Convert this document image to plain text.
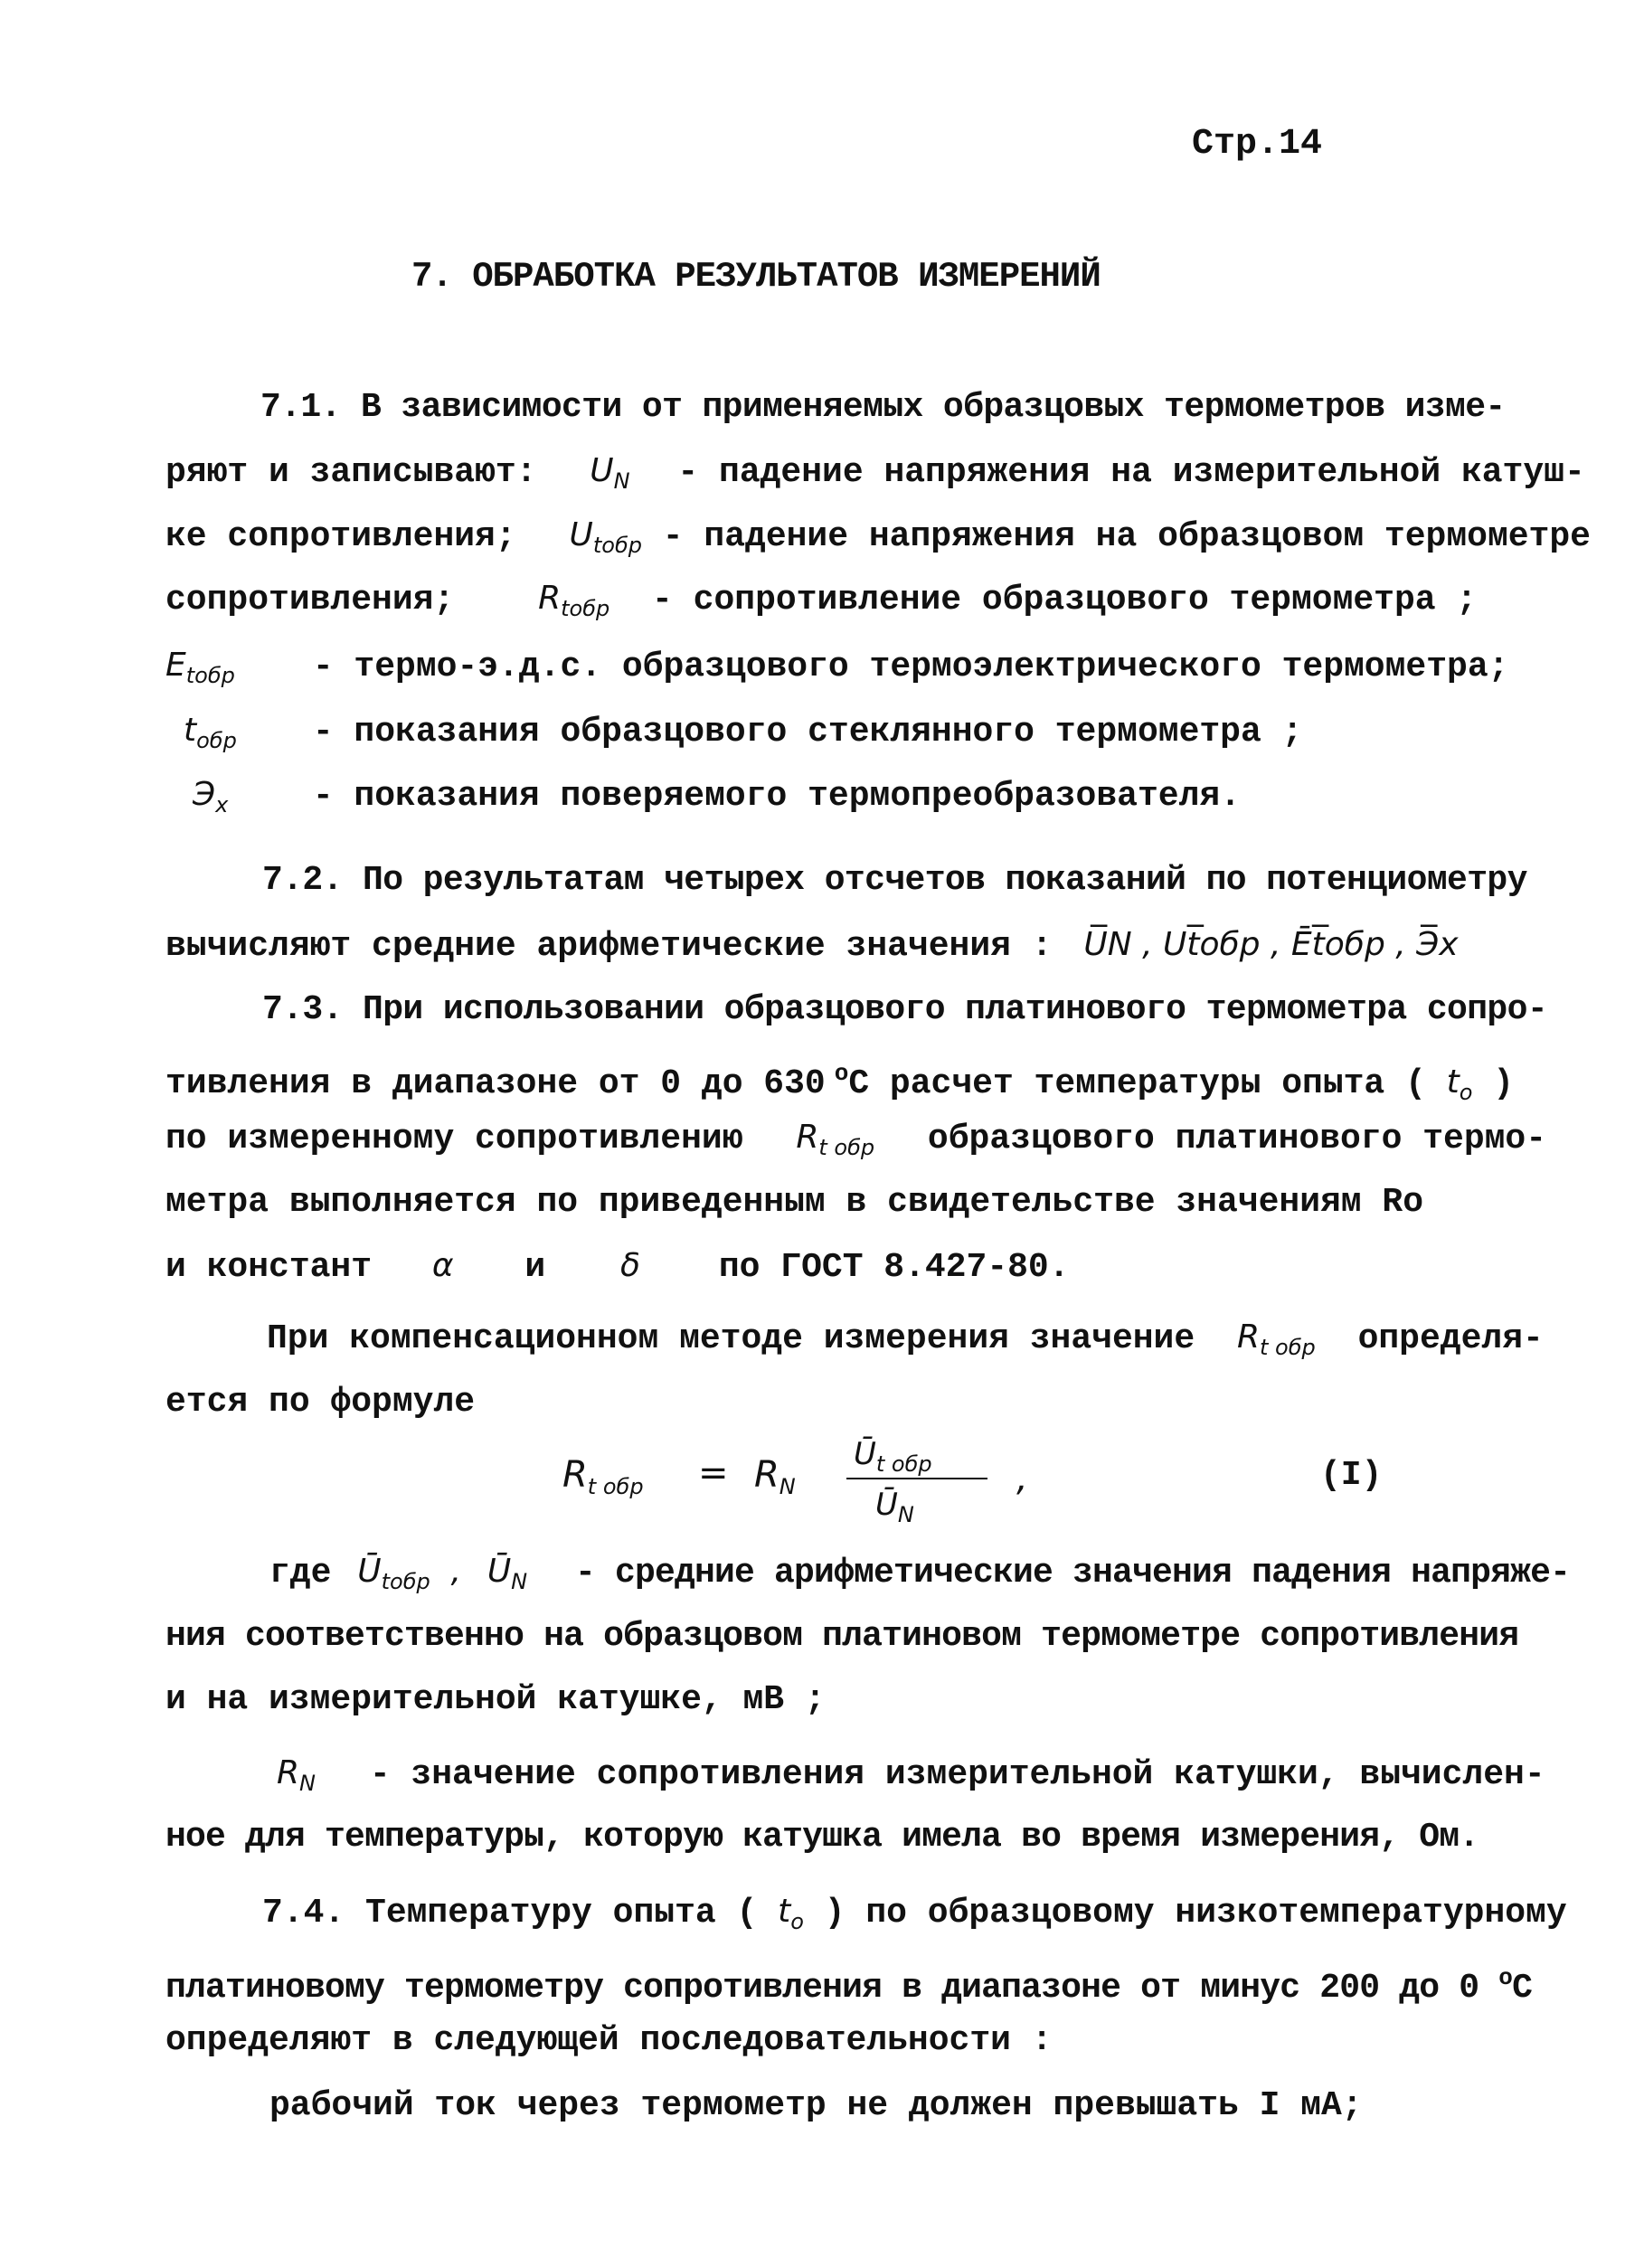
Стр.14
7. ОБРАБОТКА РЕЗУЛЬТАТОВ ИЗМЕРЕНИЙ
7.1. В зависимости от применяемых образцовых термометров изме-
ряют и записывают: $U_N$ - падение напряжения на измерительной катуш-
ке сопротивления; $U_{tобр}$ - падение напряжения на образцовом термометре
сопротивления;	$R_{tобр}$ - сопротивление образцового термометра ;
$E_{tобр}$ - термо-э.д.с. образцового термоэлектрического термометра;
$t_{обр}$ - показания образцового стеклянного термометра ;
$Э_x$ - показания поверяемого термопреобразователя.
7.2. По результатам четырех отсчетов показаний по потенциометру
вычисляют средние арифметические значения : U̅N , Ut̅обр , Ēt̅обр , Э̅x
7.3. При использовании образцового платинового термометра сопро-
тивления в диапазоне от 0 до 630 $^о$С расчет температуры опыта ( $t_о$ )
по измеренному сопротивлению $R_{t обр}$ образцового платинового термо-
метра выполняется по приведенным в свидетельстве значениям Ro
и констант α и δ по ГОСТ 8.427-80.
При компенсационном методе измерения значение $R_{t обр}$ определя-
ется по формуле
$R_{t обр} = R_N$
$Ū_{t обр}$
$Ū_N$
,	(I)
где $Ū_{tобр}$ , $Ū_N$ - средние арифметические значения падения напряже-
ния соответственно на образцовом платиновом термометре сопротивления
и на измерительной катушке, мВ ;
$R_N$ - значение сопротивления измерительной катушки, вычислен-
ное для температуры, которую катушка имела во время измерения, Ом.
7.4. Температуру опыта ( $t_о$ ) по образцовому низкотемпературному
платиновому термометру сопротивления в диапазоне от минус 200 до 0 $^о$С
определяют в следующей последовательности :
рабочий ток через термометр не должен превышать I мА;
